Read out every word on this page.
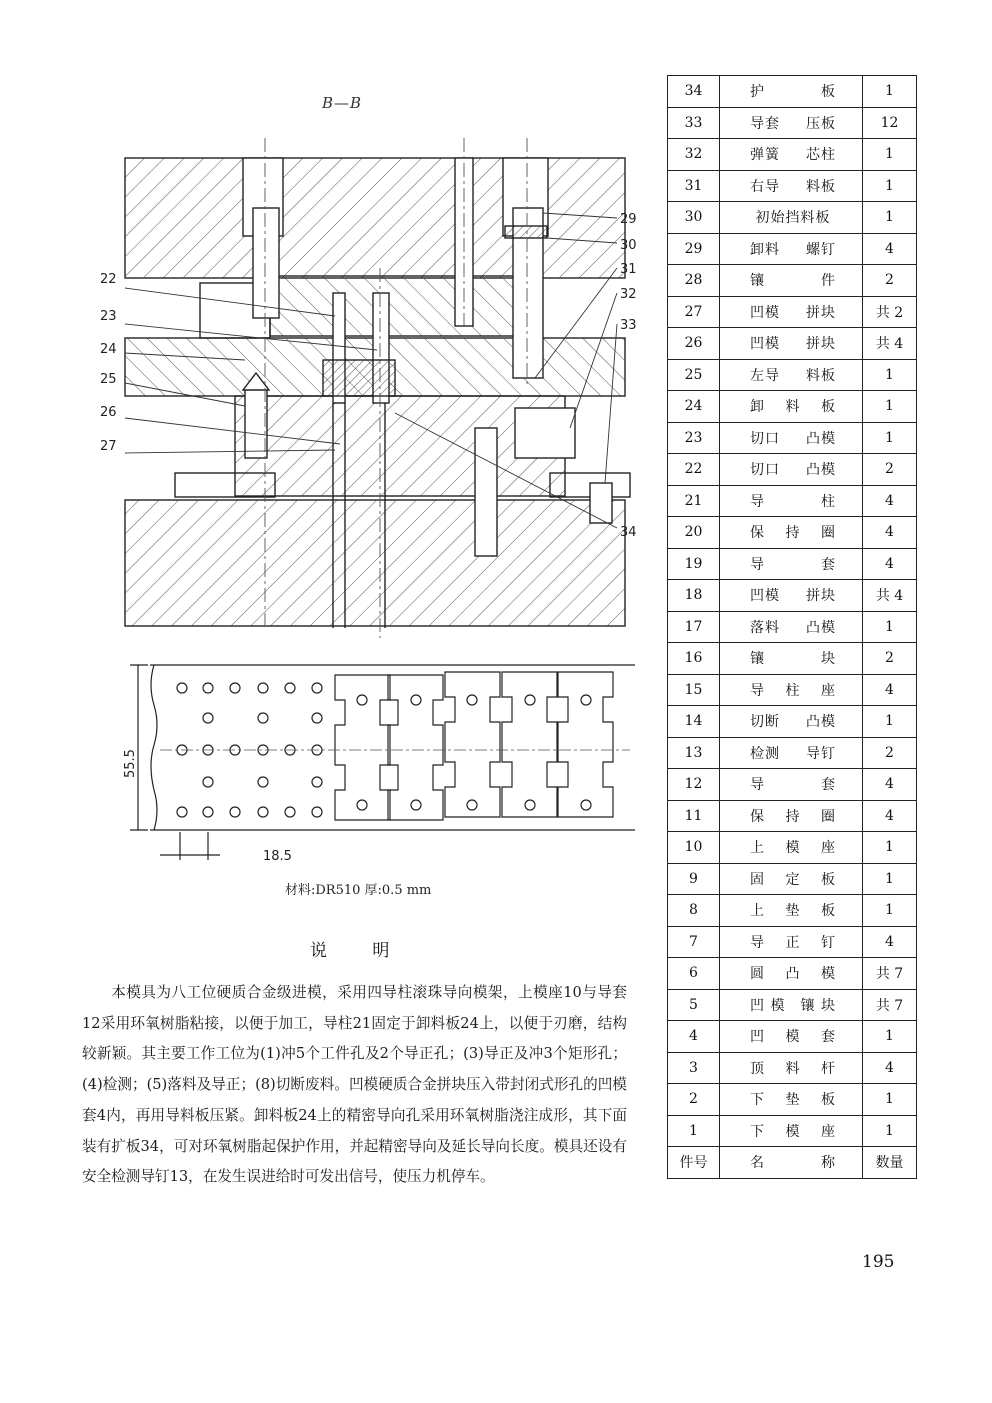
B—B
22
23
24
25
26
27
29
30
31
32
33
34
55.5
18.5
材料:DR510 厚:0.5 mm
说 明
本模具为八工位硬质合金级进模，采用四导柱滚珠导向模架，上模座10与导套12采用环氧树脂粘接，以便于加工，导柱21固定于卸料板24上，以便于刃磨，结构较新颖。其主要工作工位为(1)冲5个工件孔及2个导正孔；(3)导正及冲3个矩形孔；(4)检测；(5)落料及导正；(8)切断废料。凹模硬质合金拼块压入带封闭式形孔的凹模套4内，再用导料板压紧。卸料板24上的精密导向孔采用环氧树脂浇注成形，其下面装有扩板34，可对环氧树脂起保护作用，并起精密导向及延长导向长度。模具还设有安全检测导钉13，在发生误进给时可发出信号，使压力机停车。
34	护 板	1
33	导套 压板	12
32	弹簧 芯柱	1
31	右导 料板	1
30	初始挡料板	1
29	卸料 螺钉	4
28	镶 件	2
27	凹模 拼块	共 2
26	凹模 拼块	共 4
25	左导 料板	1
24	卸 料 板	1
23	切口 凸模	1
22	切口 凸模	2
21	导 柱	4
20	保 持 圈	4
19	导 套	4
18	凹模 拼块	共 4
17	落料 凸模	1
16	镶 块	2
15	导 柱 座	4
14	切断 凸模	1
13	检测 导钉	2
12	导 套	4
11	保 持 圈	4
10	上 模 座	1
9	固 定 板	1
8	上 垫 板	1
7	导 正 钉	4
6	圆 凸 模	共 7
5	凹 模 镶 块	共 7
4	凹 模 套	1
3	顶 料 杆	4
2	下 垫 板	1
1	下 模 座	1
件号	名 称	数量
195
